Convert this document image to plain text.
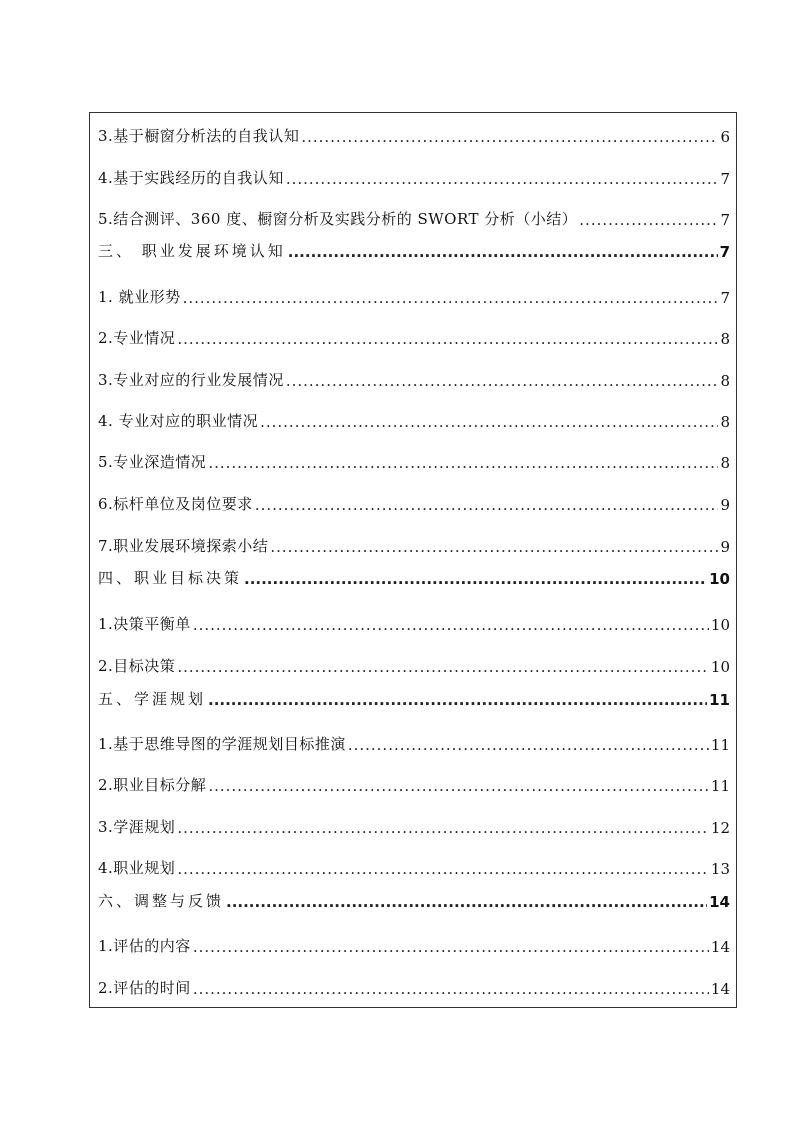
3.基于橱窗分析法的自我认知 .....	6
4.基于实践经历的自我认知 .....	7
5.结合测评、360 度、橱窗分析及实践分析的 SWORT 分析（小结） .....	7
三、 职业发展环境认知 .....	7
1. 就业形势 .....	7
2.专业情况 .....	8
3.专业对应的行业发展情况 .....	8
4. 专业对应的职业情况 .....	8
5.专业深造情况 .....	8
6.标杆单位及岗位要求 .....	9
7.职业发展环境探索小结 .....	9
四、职业目标决策 .....	10
1.决策平衡单 .....	10
2.目标决策 .....	10
五、学涯规划 .....	11
1.基于思维导图的学涯规划目标推演 .....	11
2.职业目标分解 .....	11
3.学涯规划 .....	12
4.职业规划 .....	13
六、调整与反馈 .....	14
1.评估的内容 .....	14
2.评估的时间 .....	14
